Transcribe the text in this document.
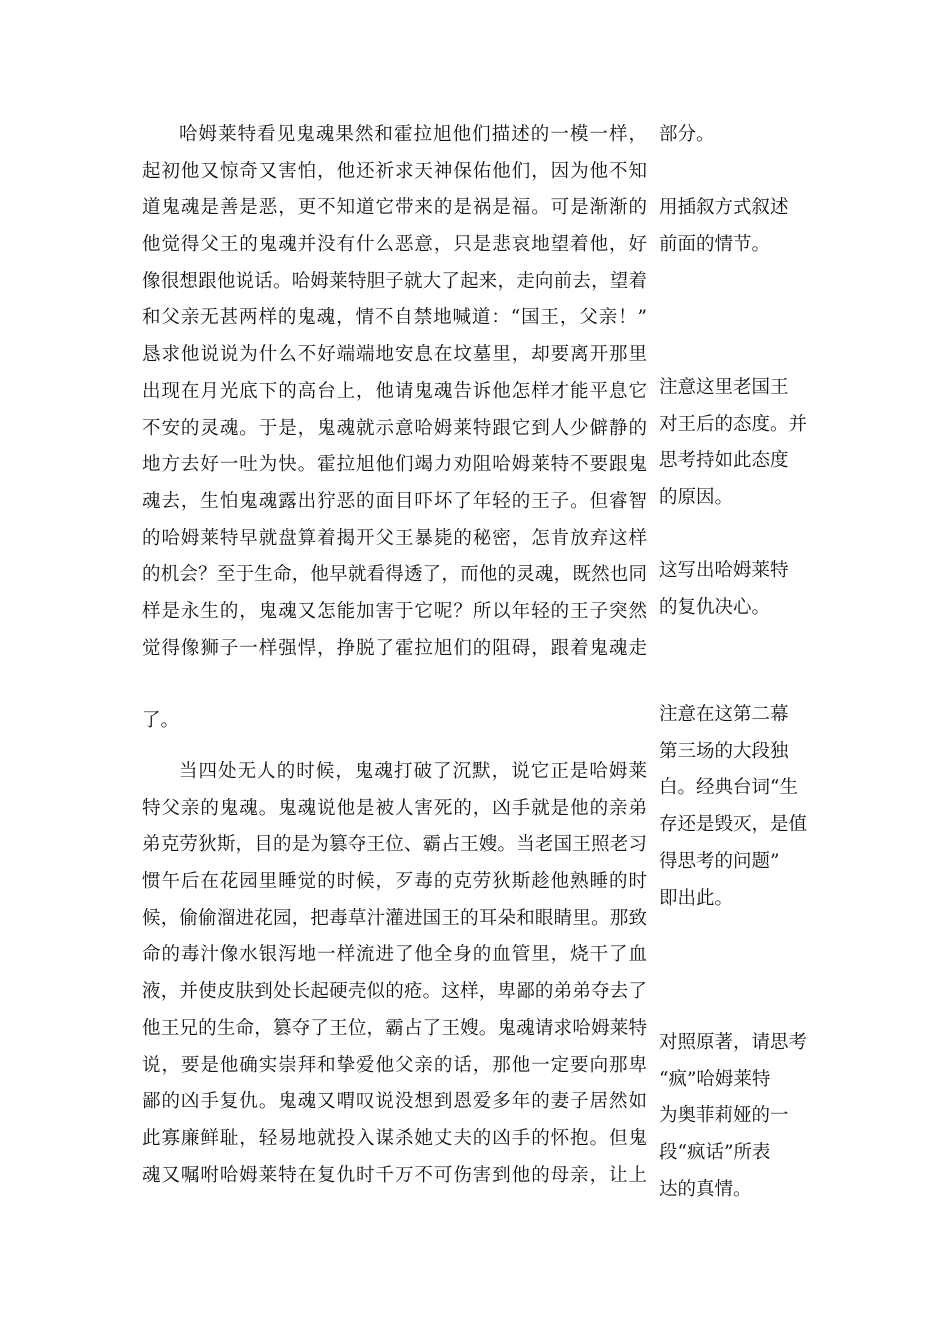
哈姆莱特看见鬼魂果然和霍拉旭他们描述的一模一样，
起初他又惊奇又害怕，他还祈求天神保佑他们，因为他不知
道鬼魂是善是恶，更不知道它带来的是祸是福。可是渐渐的
他觉得父王的鬼魂并没有什么恶意，只是悲哀地望着他，好
像很想跟他说话。哈姆莱特胆子就大了起来，走向前去，望着
和父亲无甚两样的鬼魂，情不自禁地喊道：“国王，父亲！”
恳求他说说为什么不好端端地安息在坟墓里，却要离开那里
出现在月光底下的高台上，他请鬼魂告诉他怎样才能平息它
不安的灵魂。于是，鬼魂就示意哈姆莱特跟它到人少僻静的
地方去好一吐为快。霍拉旭他们竭力劝阻哈姆莱特不要跟鬼
魂去，生怕鬼魂露出狞恶的面目吓坏了年轻的王子。但睿智
的哈姆莱特早就盘算着揭开父王暴毙的秘密，怎肯放弃这样
的机会？至于生命，他早就看得透了，而他的灵魂，既然也同
样是永生的，鬼魂又怎能加害于它呢？所以年轻的王子突然
觉得像狮子一样强悍，挣脱了霍拉旭们的阻碍，跟着鬼魂走
了。
当四处无人的时候，鬼魂打破了沉默，说它正是哈姆莱
特父亲的鬼魂。鬼魂说他是被人害死的，凶手就是他的亲弟
弟克劳狄斯，目的是为篡夺王位、霸占王嫂。当老国王照老习
惯午后在花园里睡觉的时候，歹毒的克劳狄斯趁他熟睡的时
候，偷偷溜进花园，把毒草汁灌进国王的耳朵和眼睛里。那致
命的毒汁像水银泻地一样流进了他全身的血管里，烧干了血
液，并使皮肤到处长起硬壳似的疮。这样，卑鄙的弟弟夺去了
他王兄的生命，篡夺了王位，霸占了王嫂。鬼魂请求哈姆莱特
说，要是他确实崇拜和挚爱他父亲的话，那他一定要向那卑
鄙的凶手复仇。鬼魂又喟叹说没想到恩爱多年的妻子居然如
此寡廉鲜耻，轻易地就投入谋杀她丈夫的凶手的怀抱。但鬼
魂又嘱咐哈姆莱特在复仇时千万不可伤害到他的母亲，让上
部分。
用插叙方式叙述
前面的情节。
注意这里老国王
对王后的态度。并
思考持如此态度
的原因。
这写出哈姆莱特
的复仇决心。
注意在这第二幕
第三场的大段独
白。经典台词“生
存还是毁灭，是值
得思考的问题”
即出此。
对照原著，请思考
“疯”哈姆莱特
为奥菲莉娅的一
段“疯话”所表
达的真情。
